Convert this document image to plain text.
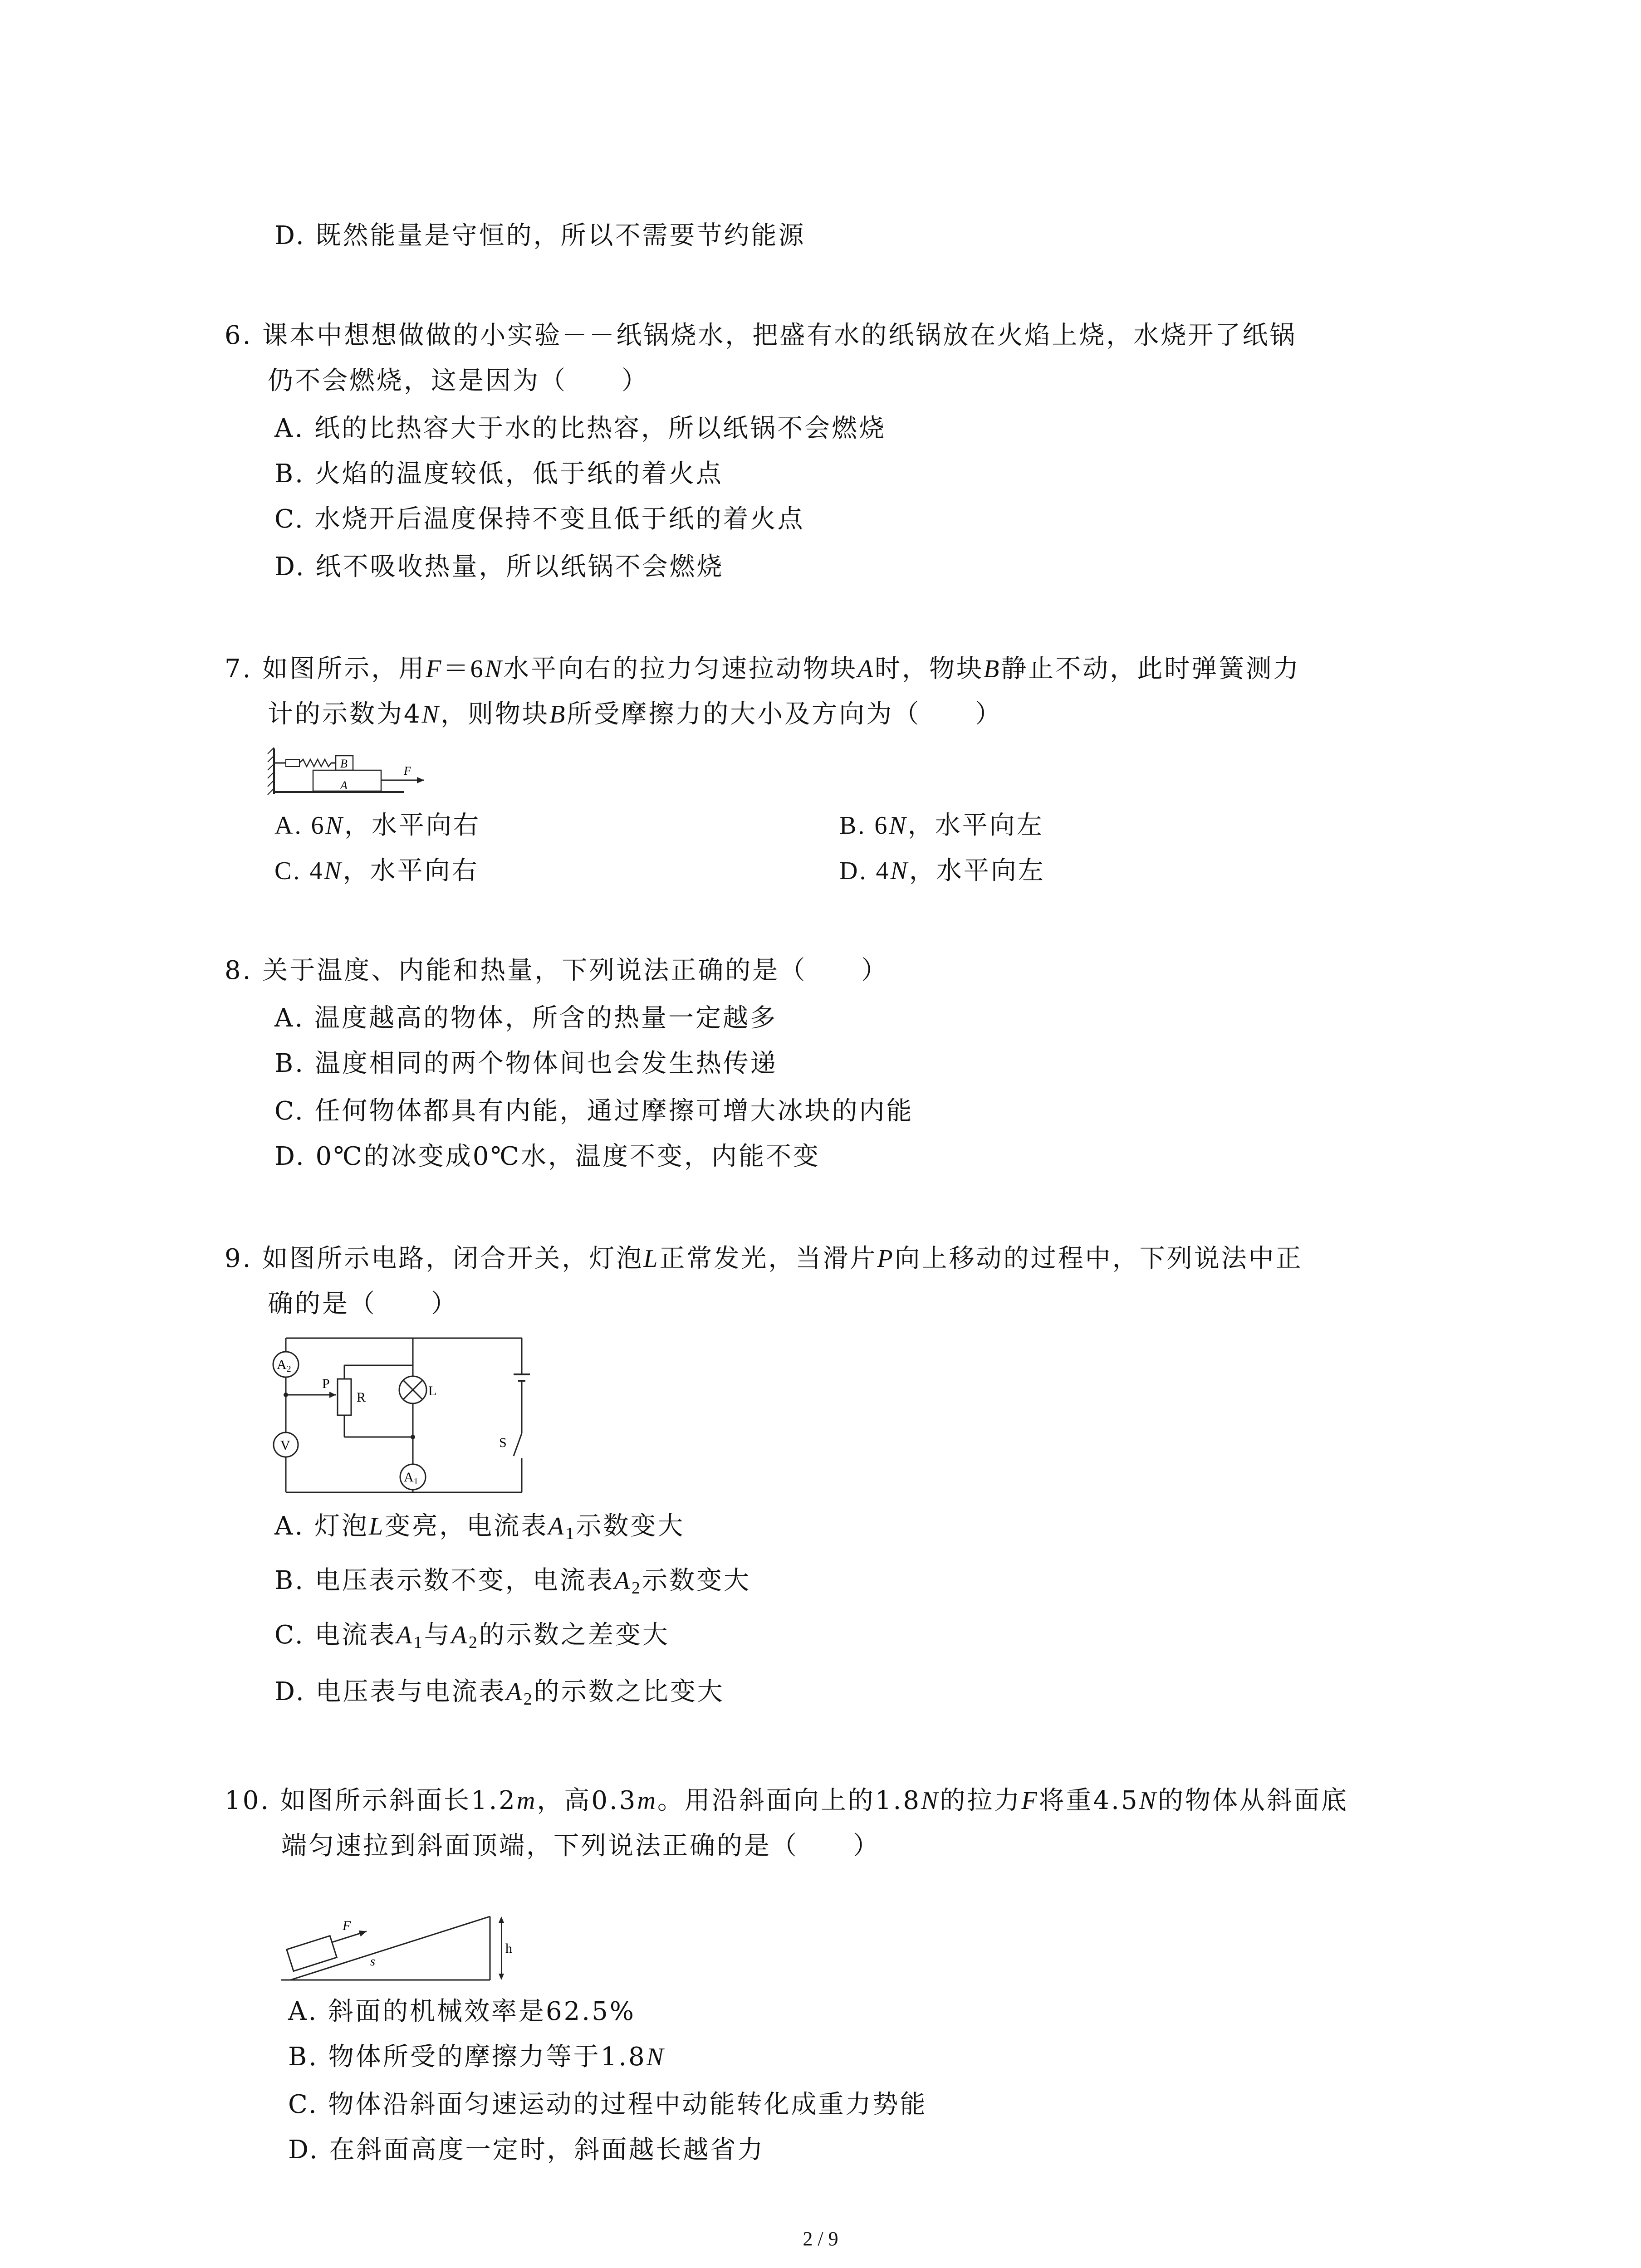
D. 既然能量是守恒的，所以不需要节约能源
6. 课本中想想做做的小实验－－纸锅烧水，把盛有水的纸锅放在火焰上烧，水烧开了纸锅
仍不会燃烧，这是因为（　　）
A. 纸的比热容大于水的比热容，所以纸锅不会燃烧
B. 火焰的温度较低，低于纸的着火点
C. 水烧开后温度保持不变且低于纸的着火点
D. 纸不吸收热量，所以纸锅不会燃烧
7. 如图所示，用F＝6N水平向右的拉力匀速拉动物块A时，物块B静止不动，此时弹簧测力
计的示数为4N，则物块B所受摩擦力的大小及方向为（　　）
B
A
F
A. 6N，水平向右	B. 6N，水平向左
C. 4N，水平向右	D. 4N，水平向左
8. 关于温度、内能和热量，下列说法正确的是（　　）
A. 温度越高的物体，所含的热量一定越多
B. 温度相同的两个物体间也会发生热传递
C. 任何物体都具有内能，通过摩擦可增大冰块的内能
D. 0℃的冰变成0℃水，温度不变，内能不变
9. 如图所示电路，闭合开关，灯泡L正常发光，当滑片P向上移动的过程中，下列说法中正
确的是（　　）
$A_2$
P
R	L
V	S
$A_1$
A. 灯泡L变亮，电流表$A_1$示数变大
B. 电压表示数不变，电流表$A_2$示数变大
C. 电流表$A_1$与$A_2$的示数之差变大
D. 电压表与电流表$A_2$的示数之比变大
10. 如图所示斜面长1.2m，高0.3m。用沿斜面向上的1.8N的拉力F将重4.5N的物体从斜面底
端匀速拉到斜面顶端，下列说法正确的是（　　）
h
F
s
A. 斜面的机械效率是62.5%
B. 物体所受的摩擦力等于1.8N
C. 物体沿斜面匀速运动的过程中动能转化成重力势能
D. 在斜面高度一定时，斜面越长越省力
2 / 9
